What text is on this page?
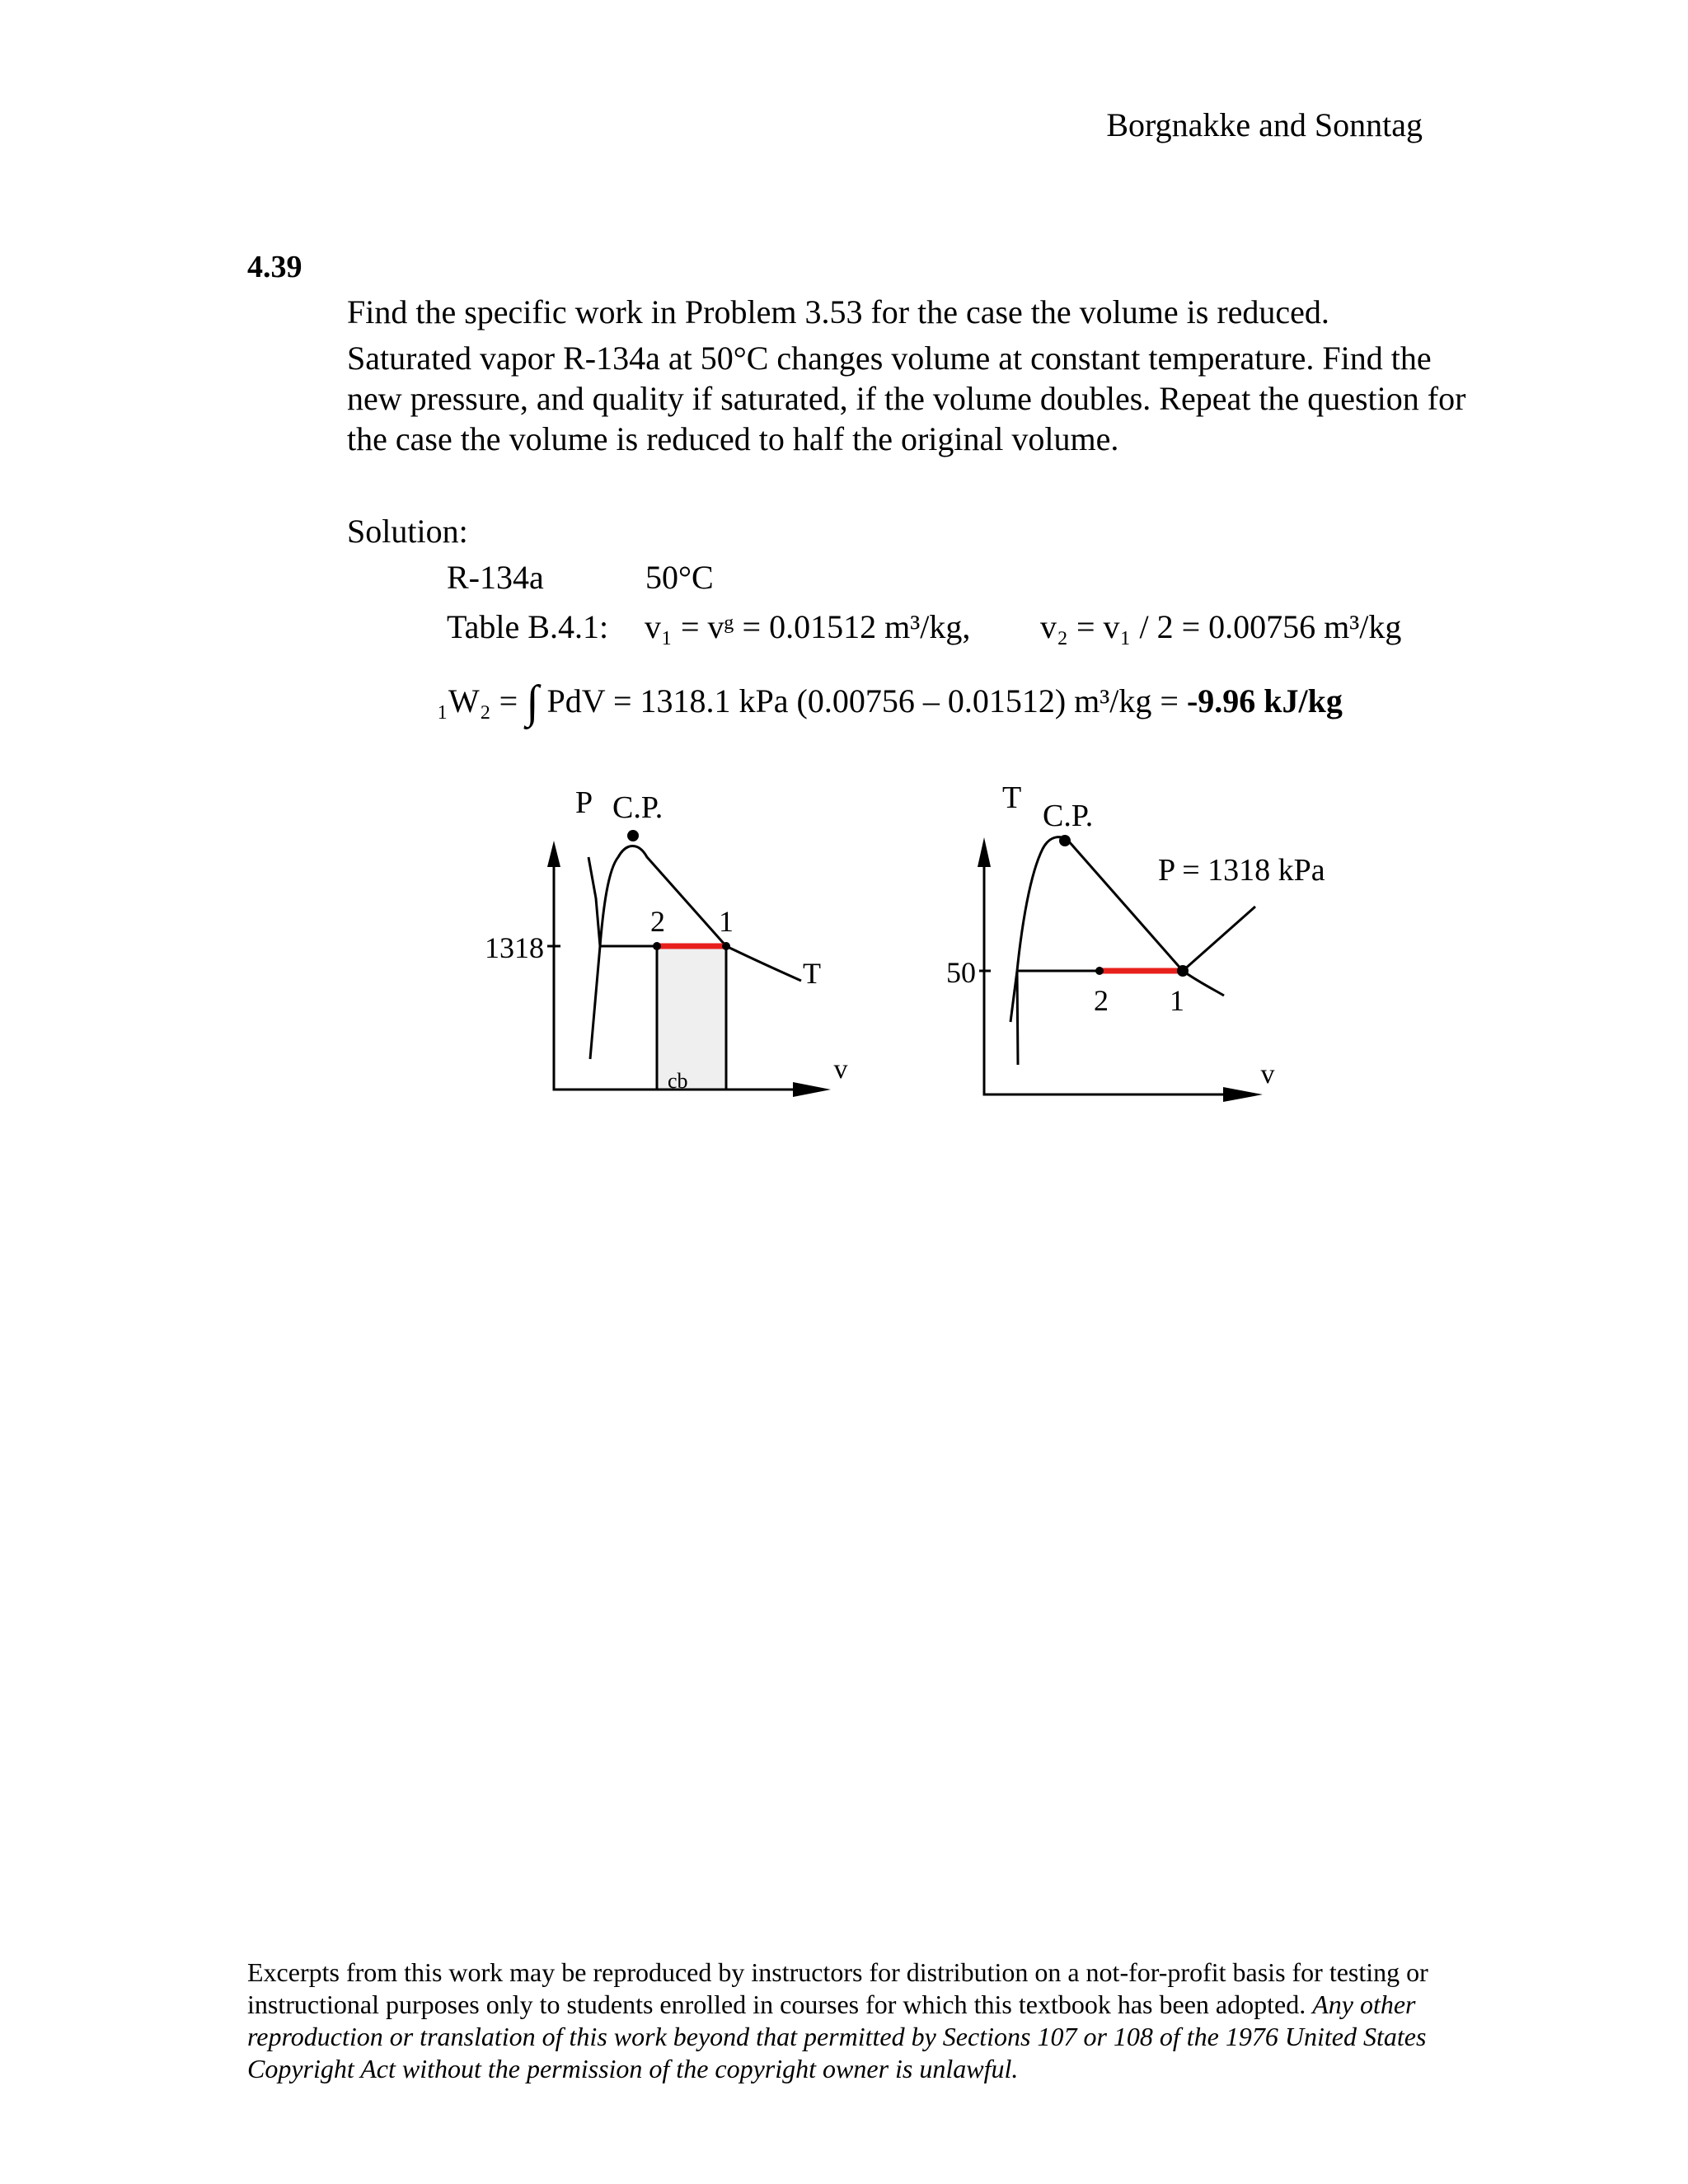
Borgnakke and Sonntag
4.39
Find the specific work in Problem 3.53 for the case the volume is reduced.
Saturated vapor R-134a at 50°C changes volume at constant temperature. Find the new pressure, and quality if saturated, if the volume doubles. Repeat the question for the case the volume is reduced to half the original volume.
Solution:
R-134a	50°C
Table B.4.1: v₁ = vᵍ = 0.01512 m³/kg, v₂ = v₁ / 2 = 0.00756 m³/kg
₁W₂ = ∫ PdV = 1318.1 kPa (0.00756 – 0.01512) m³/kg = -9.96 kJ/kg
P C.P.
1318
2 1
T
v
cb
T
C.P.
P = 1318 kPa
50
2 1
v
Excerpts from this work may be reproduced by instructors for distribution on a not-for-profit basis for testing or instructional purposes only to students enrolled in courses for which this textbook has been adopted. Any other reproduction or translation of this work beyond that permitted by Sections 107 or 108 of the 1976 United States Copyright Act without the permission of the copyright owner is unlawful.
